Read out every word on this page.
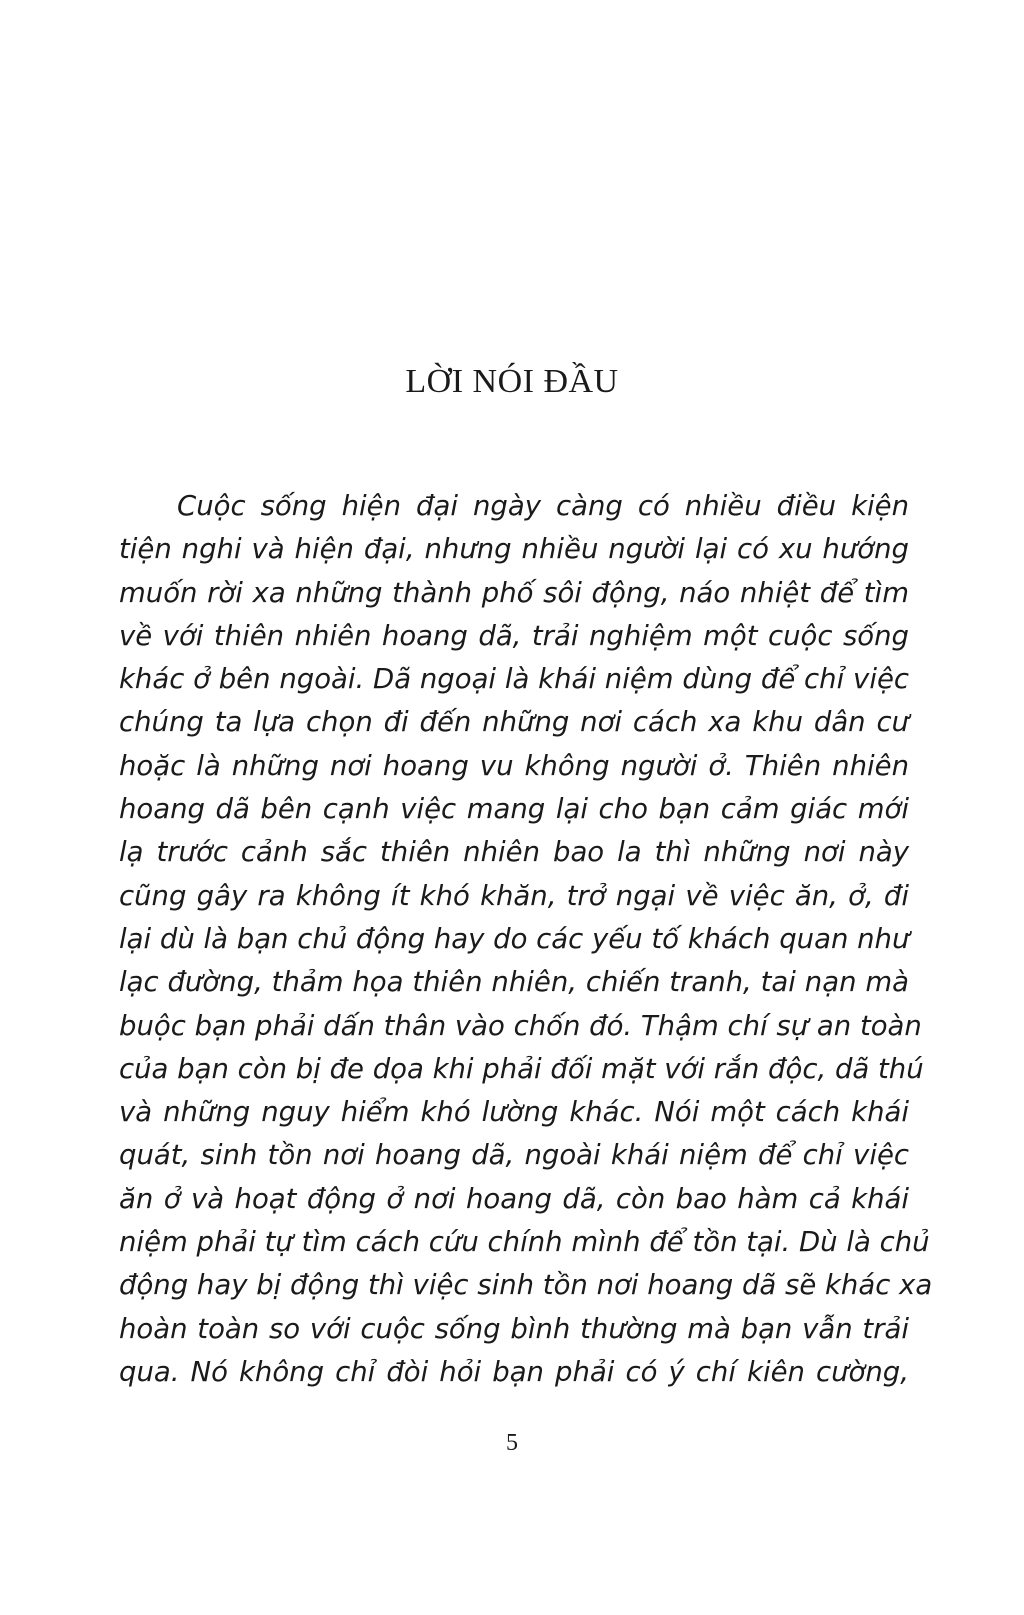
LỜI NÓI ĐẦU
Cuộc sống hiện đại ngày càng có nhiều điều kiện
tiện nghi và hiện đại, nhưng nhiều người lại có xu hướng
muốn rời xa những thành phố sôi động, náo nhiệt để tìm
về với thiên nhiên hoang dã, trải nghiệm một cuộc sống
khác ở bên ngoài. Dã ngoại là khái niệm dùng để chỉ việc
chúng ta lựa chọn đi đến những nơi cách xa khu dân cư
hoặc là những nơi hoang vu không người ở. Thiên nhiên
hoang dã bên cạnh việc mang lại cho bạn cảm giác mới
lạ trước cảnh sắc thiên nhiên bao la thì những nơi này
cũng gây ra không ít khó khăn, trở ngại về việc ăn, ở, đi
lại dù là bạn chủ động hay do các yếu tố khách quan như
lạc đường, thảm họa thiên nhiên, chiến tranh, tai nạn mà
buộc bạn phải dấn thân vào chốn đó. Thậm chí sự an toàn
của bạn còn bị đe dọa khi phải đối mặt với rắn độc, dã thú
và những nguy hiểm khó lường khác. Nói một cách khái
quát, sinh tồn nơi hoang dã, ngoài khái niệm để chỉ việc
ăn ở và hoạt động ở nơi hoang dã, còn bao hàm cả khái
niệm phải tự tìm cách cứu chính mình để tồn tại. Dù là chủ
động hay bị động thì việc sinh tồn nơi hoang dã sẽ khác xa
hoàn toàn so với cuộc sống bình thường mà bạn vẫn trải
qua. Nó không chỉ đòi hỏi bạn phải có ý chí kiên cường,
5
